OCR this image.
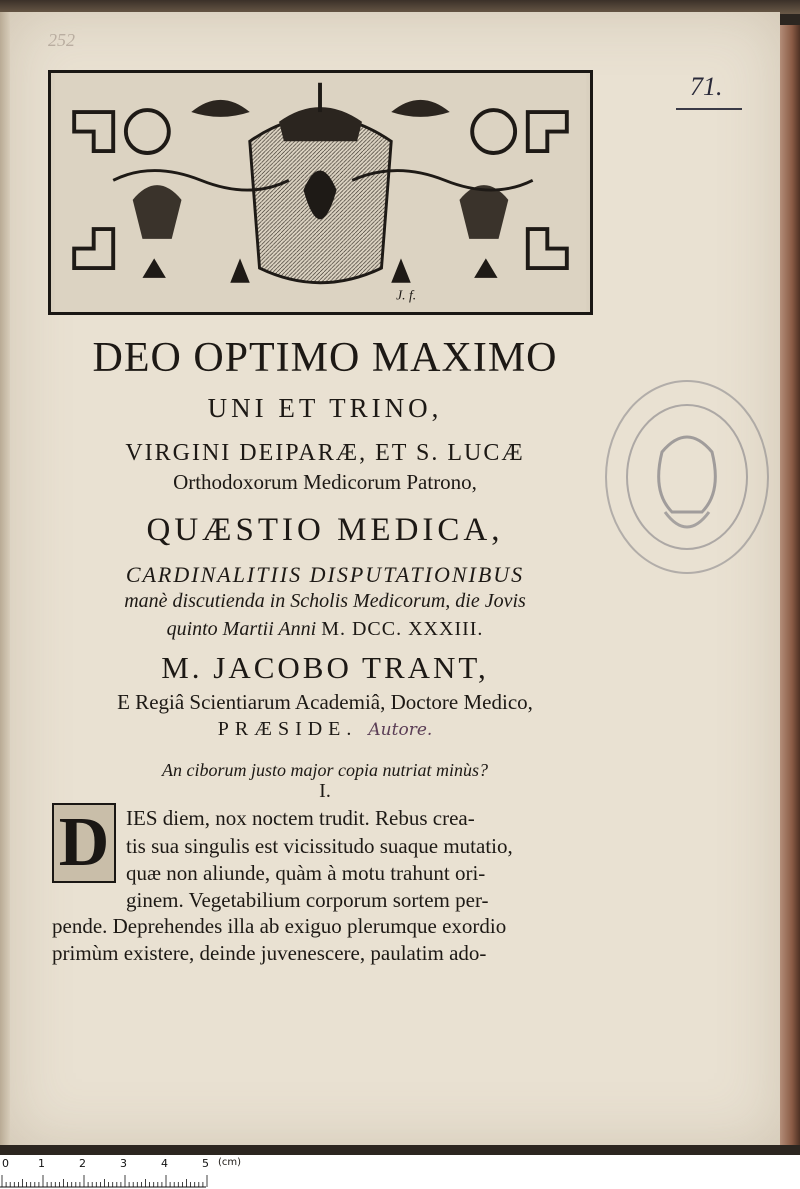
252
71.
J. f.
DEO OPTIMO MAXIMO
UNI ET TRINO,
VIRGINI DEIPARÆ, ET S. LUCÆ
Orthodoxorum Medicorum Patrono,
QUÆSTIO MEDICA,
CARDINALITIIS DISPUTATIONIBUS
manè discutienda in Scholis Medicorum, die Jovis
quinto Martii Anni M. DCC. XXXIII.
M. JACOBO TRANT,
E Regiâ Scientiarum Academiâ, Doctore Medico,
PRÆSIDE. Autore.
An ciborum justo major copia nutriat minùs?
I.
D IES diem, nox noctem trudit. Rebus crea-
tis sua singulis est vicissitudo suaque mutatio,
quæ non aliunde, quàm à motu trahunt ori-
ginem. Vegetabilium corporum sortem per-
pende. Deprehendes illa ab exiguo plerumque exordio
primùm existere, deinde juvenescere, paulatim ado-
0	1	2	3	4	5 (cm)
